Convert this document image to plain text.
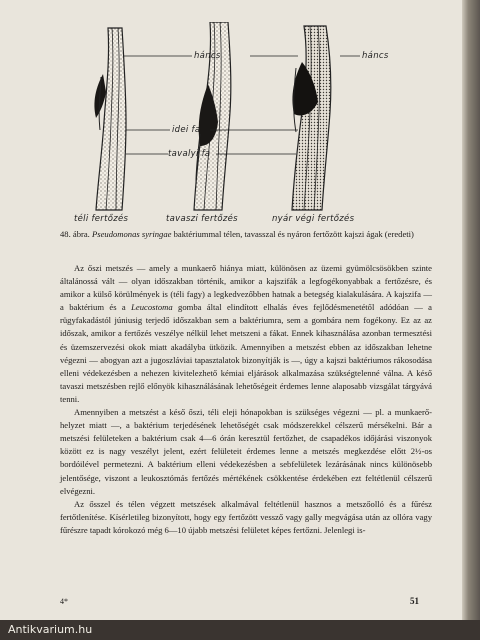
háncs	háncs
idei fa
tavalyi fa
téli fertőzés	tavaszi fertőzés	nyár végi fertőzés
48. ábra. Pseudomonas syringae baktériummal télen, tavasszal és nyáron fertőzött kajszi ágak (eredeti)

Az őszi metszés — amely a munkaerő hiánya miatt, különösen az üzemi gyümölcsösökben szinte általánossá vált — olyan időszakban történik, amikor a kajszifák a legfogékonyabbak a fertőzésre, és amikor a külső körülmények is (téli fagy) a legkedvezőbben hatnak a betegség kialakulására. A kajszifa — a baktérium és a Leucostoma gomba által elindított elhalás éves fejlődésmenetétől adódóan — a rügyfakadástól júniusig terjedő időszakban sem a baktériumra, sem a gombára nem fogékony. Ez az az időszak, amikor a fertőzés veszélye nélkül lehet metszeni a fákat. Ennek kihasználása azonban termesztési és üzemszervezési okok miatt akadályba ütközik. Amennyiben a metszést ebben az időszakban lehetne végezni — abogyan azt a jugoszláviai tapasztalatok bizonyítják is —, úgy a kajszi baktériumos rákosodása elleni védekezésben a nehezen kivitelezhető kémiai eljárások alkalmazása szükségtelenné válna. A késő tavaszi metszésben rejlő előnyök kihasználásának lehetőségeit érdemes lenne alaposabb vizsgálat tárgyává tenni.

Amennyiben a metszést a késő őszi, téli eleji hónapokban is szükséges végezni — pl. a munkaerő-helyzet miatt —, a baktérium terjedésének lehetőségét csak módszerekkel célszerű mérsékelni. Bár a metszési felületeken a baktérium csak 4—6 órán keresztül fertőzhet, de csapadékos időjárási viszonyok között ez is nagy veszélyt jelent, ezért felületeit érdemes lenne a metszés megkezdése előtt 2½-os bordóilével permetezni. A baktérium elleni védekezésben a sebfelületek lezárásának nincs különösebb jelentősége, viszont a leukosztómás fertőzés mértékének csökkentése érdekében ezt feltétlenül célszerű elvégezni.

Az ősszel és télen végzett metszések alkalmával feltétlenül hasznos a metszőolló és a fűrész fertőtlenítése. Kísérletileg bizonyított, hogy egy fertőzött vessző vagy gally megvágása után az ollóra vagy fűrészre tapadt kórokozó még 6—10 újabb metszési felületet képes fertőzni. Jelenlegi is-

4*	51
Antikvarium.hu
